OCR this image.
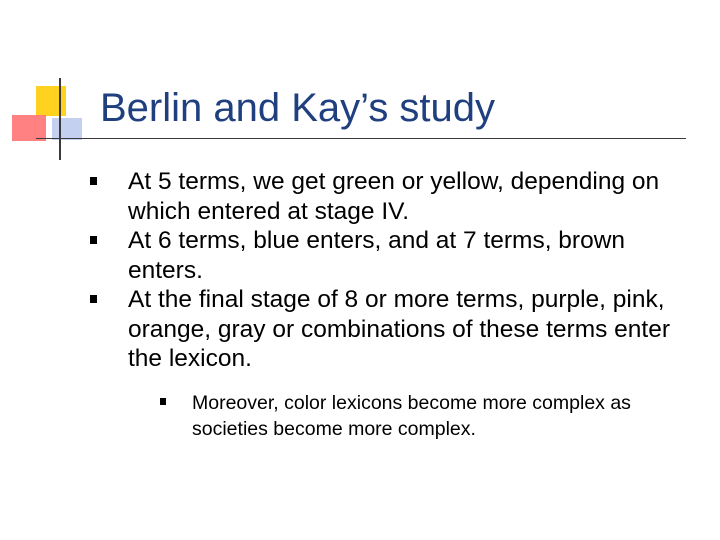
Berlin and Kay’s study
At 5 terms, we get green or yellow, depending on which entered at stage IV.
At 6 terms, blue enters, and at 7 terms, brown enters.
At the final stage of 8 or more terms, purple, pink, orange, gray or combinations of these terms enter the lexicon.
Moreover, color lexicons become more complex as societies become more complex.
